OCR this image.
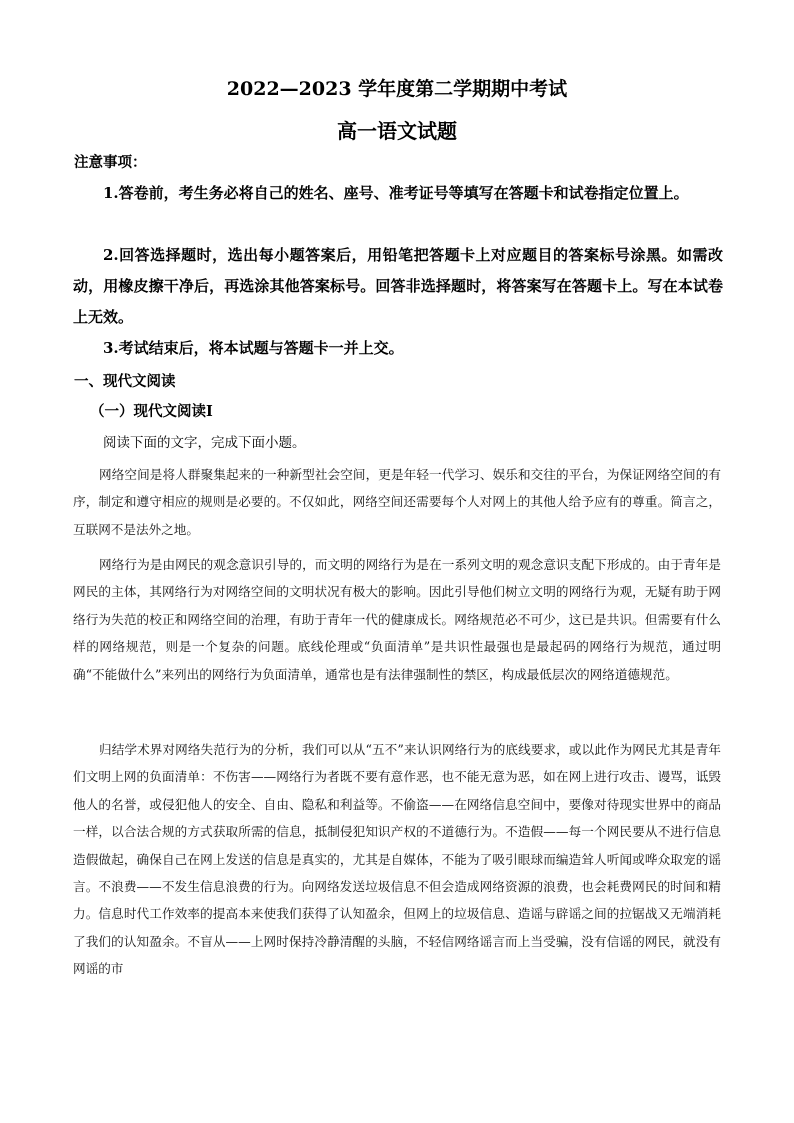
2022—2023 学年度第二学期期中考试
高一语文试题
注意事项：

1.答卷前，考生务必将自己的姓名、座号、准考证号等填写在答题卡和试卷指定位置上。

2.回答选择题时，选出每小题答案后，用铅笔把答题卡上对应题目的答案标号涂黑。如需改动，用橡皮擦干净后，再选涂其他答案标号。回答非选择题时，将答案写在答题卡上。写在本试卷上无效。

3.考试结束后，将本试题与答题卡一并上交。

一、现代文阅读
（一）现代文阅读Ⅰ
阅读下面的文字，完成下面小题。

网络空间是将人群聚集起来的一种新型社会空间，更是年轻一代学习、娱乐和交往的平台，为保证网络空间的有序，制定和遵守相应的规则是必要的。不仅如此，网络空间还需要每个人对网上的其他人给予应有的尊重。简言之，互联网不是法外之地。

网络行为是由网民的观念意识引导的，而文明的网络行为是在一系列文明的观念意识支配下形成的。由于青年是网民的主体，其网络行为对网络空间的文明状况有极大的影响。因此引导他们树立文明的网络行为观，无疑有助于网络行为失范的校正和网络空间的治理，有助于青年一代的健康成长。网络规范必不可少，这已是共识。但需要有什么样的网络规范，则是一个复杂的问题。底线伦理或“负面清单”是共识性最强也是最起码的网络行为规范，通过明确“不能做什么”来列出的网络行为负面清单，通常也是有法律强制性的禁区，构成最低层次的网络道德规范。

归结学术界对网络失范行为的分析，我们可以从“五不”来认识网络行为的底线要求，或以此作为网民尤其是青年们文明上网的负面清单：不伤害——网络行为者既不要有意作恶，也不能无意为恶，如在网上进行攻击、谩骂，诋毁他人的名誉，或侵犯他人的安全、自由、隐私和利益等。不偷盗——在网络信息空间中，要像对待现实世界中的商品一样，以合法合规的方式获取所需的信息，抵制侵犯知识产权的不道德行为。不造假——每一个网民要从不进行信息造假做起，确保自己在网上发送的信息是真实的，尤其是自媒体，不能为了吸引眼球而编造耸人听闻或哗众取宠的谣言。不浪费——不发生信息浪费的行为。向网络发送垃圾信息不但会造成网络资源的浪费，也会耗费网民的时间和精力。信息时代工作效率的提高本来使我们获得了认知盈余，但网上的垃圾信息、造谣与辟谣之间的拉锯战又无端消耗了我们的认知盈余。不盲从——上网时保持冷静清醒的头脑，不轻信网络谣言而上当受骗，没有信谣的网民，就没有网谣的市
